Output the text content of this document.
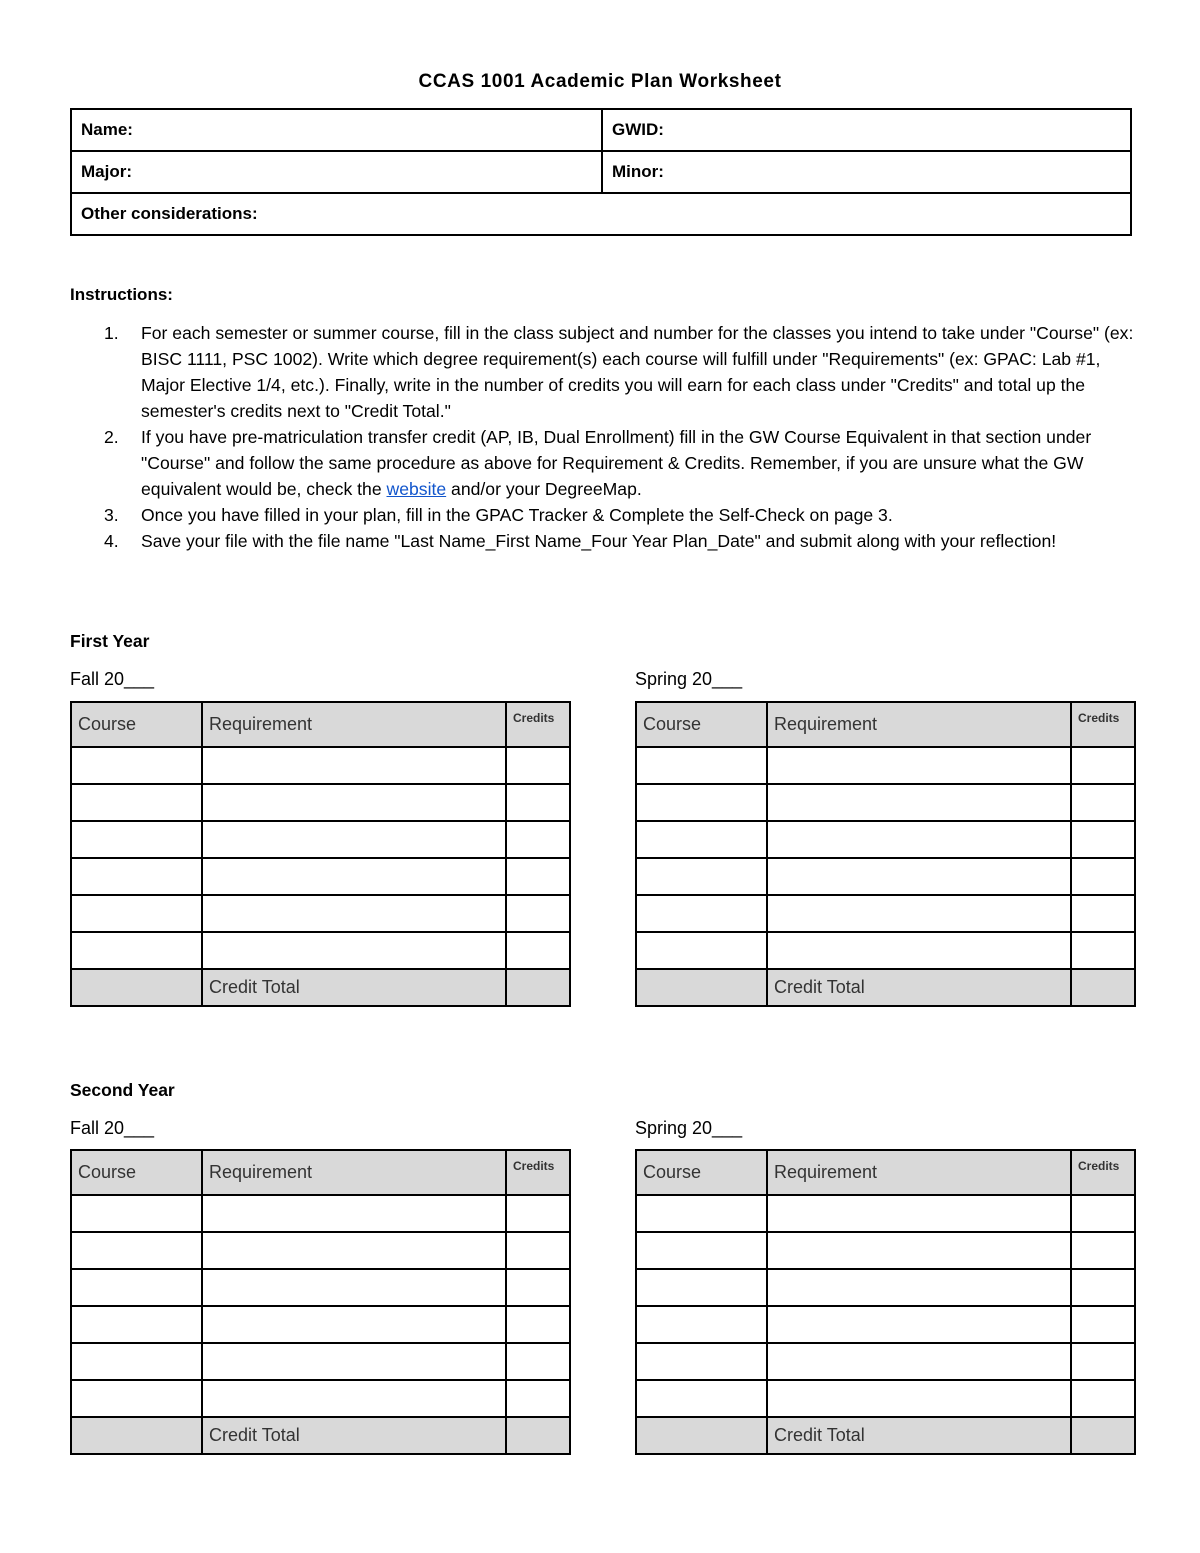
CCAS 1001 Academic Plan Worksheet
Name:	GWID:
Major:	Minor:
Other considerations:	
Instructions:
1. For each semester or summer course, fill in the class subject and number for the classes you intend to take under "Course" (ex: BISC 1111, PSC 1002). Write which degree requirement(s) each course will fulfill under "Requirements" (ex: GPAC: Lab #1, Major Elective 1/4, etc.). Finally, write in the number of credits you will earn for each class under "Credits" and total up the semester's credits next to "Credit Total."
2. If you have pre-matriculation transfer credit (AP, IB, Dual Enrollment) fill in the GW Course Equivalent in that section under "Course" and follow the same procedure as above for Requirement & Credits. Remember, if you are unsure what the GW equivalent would be, check the website and/or your DegreeMap.
3. Once you have filled in your plan, fill in the GPAC Tracker & Complete the Self-Check on page 3.
4. Save your file with the file name "Last Name_First Name_Four Year Plan_Date" and submit along with your reflection!
First Year
Fall 20___	Spring 20___
Course	Requirement	Credits

	Credit Total	
Course	Requirement	Credits

	Credit Total	
Second Year
Fall 20___	Spring 20___
Course	Requirement	Credits

	Credit Total	
Course	Requirement	Credits

	Credit Total	
